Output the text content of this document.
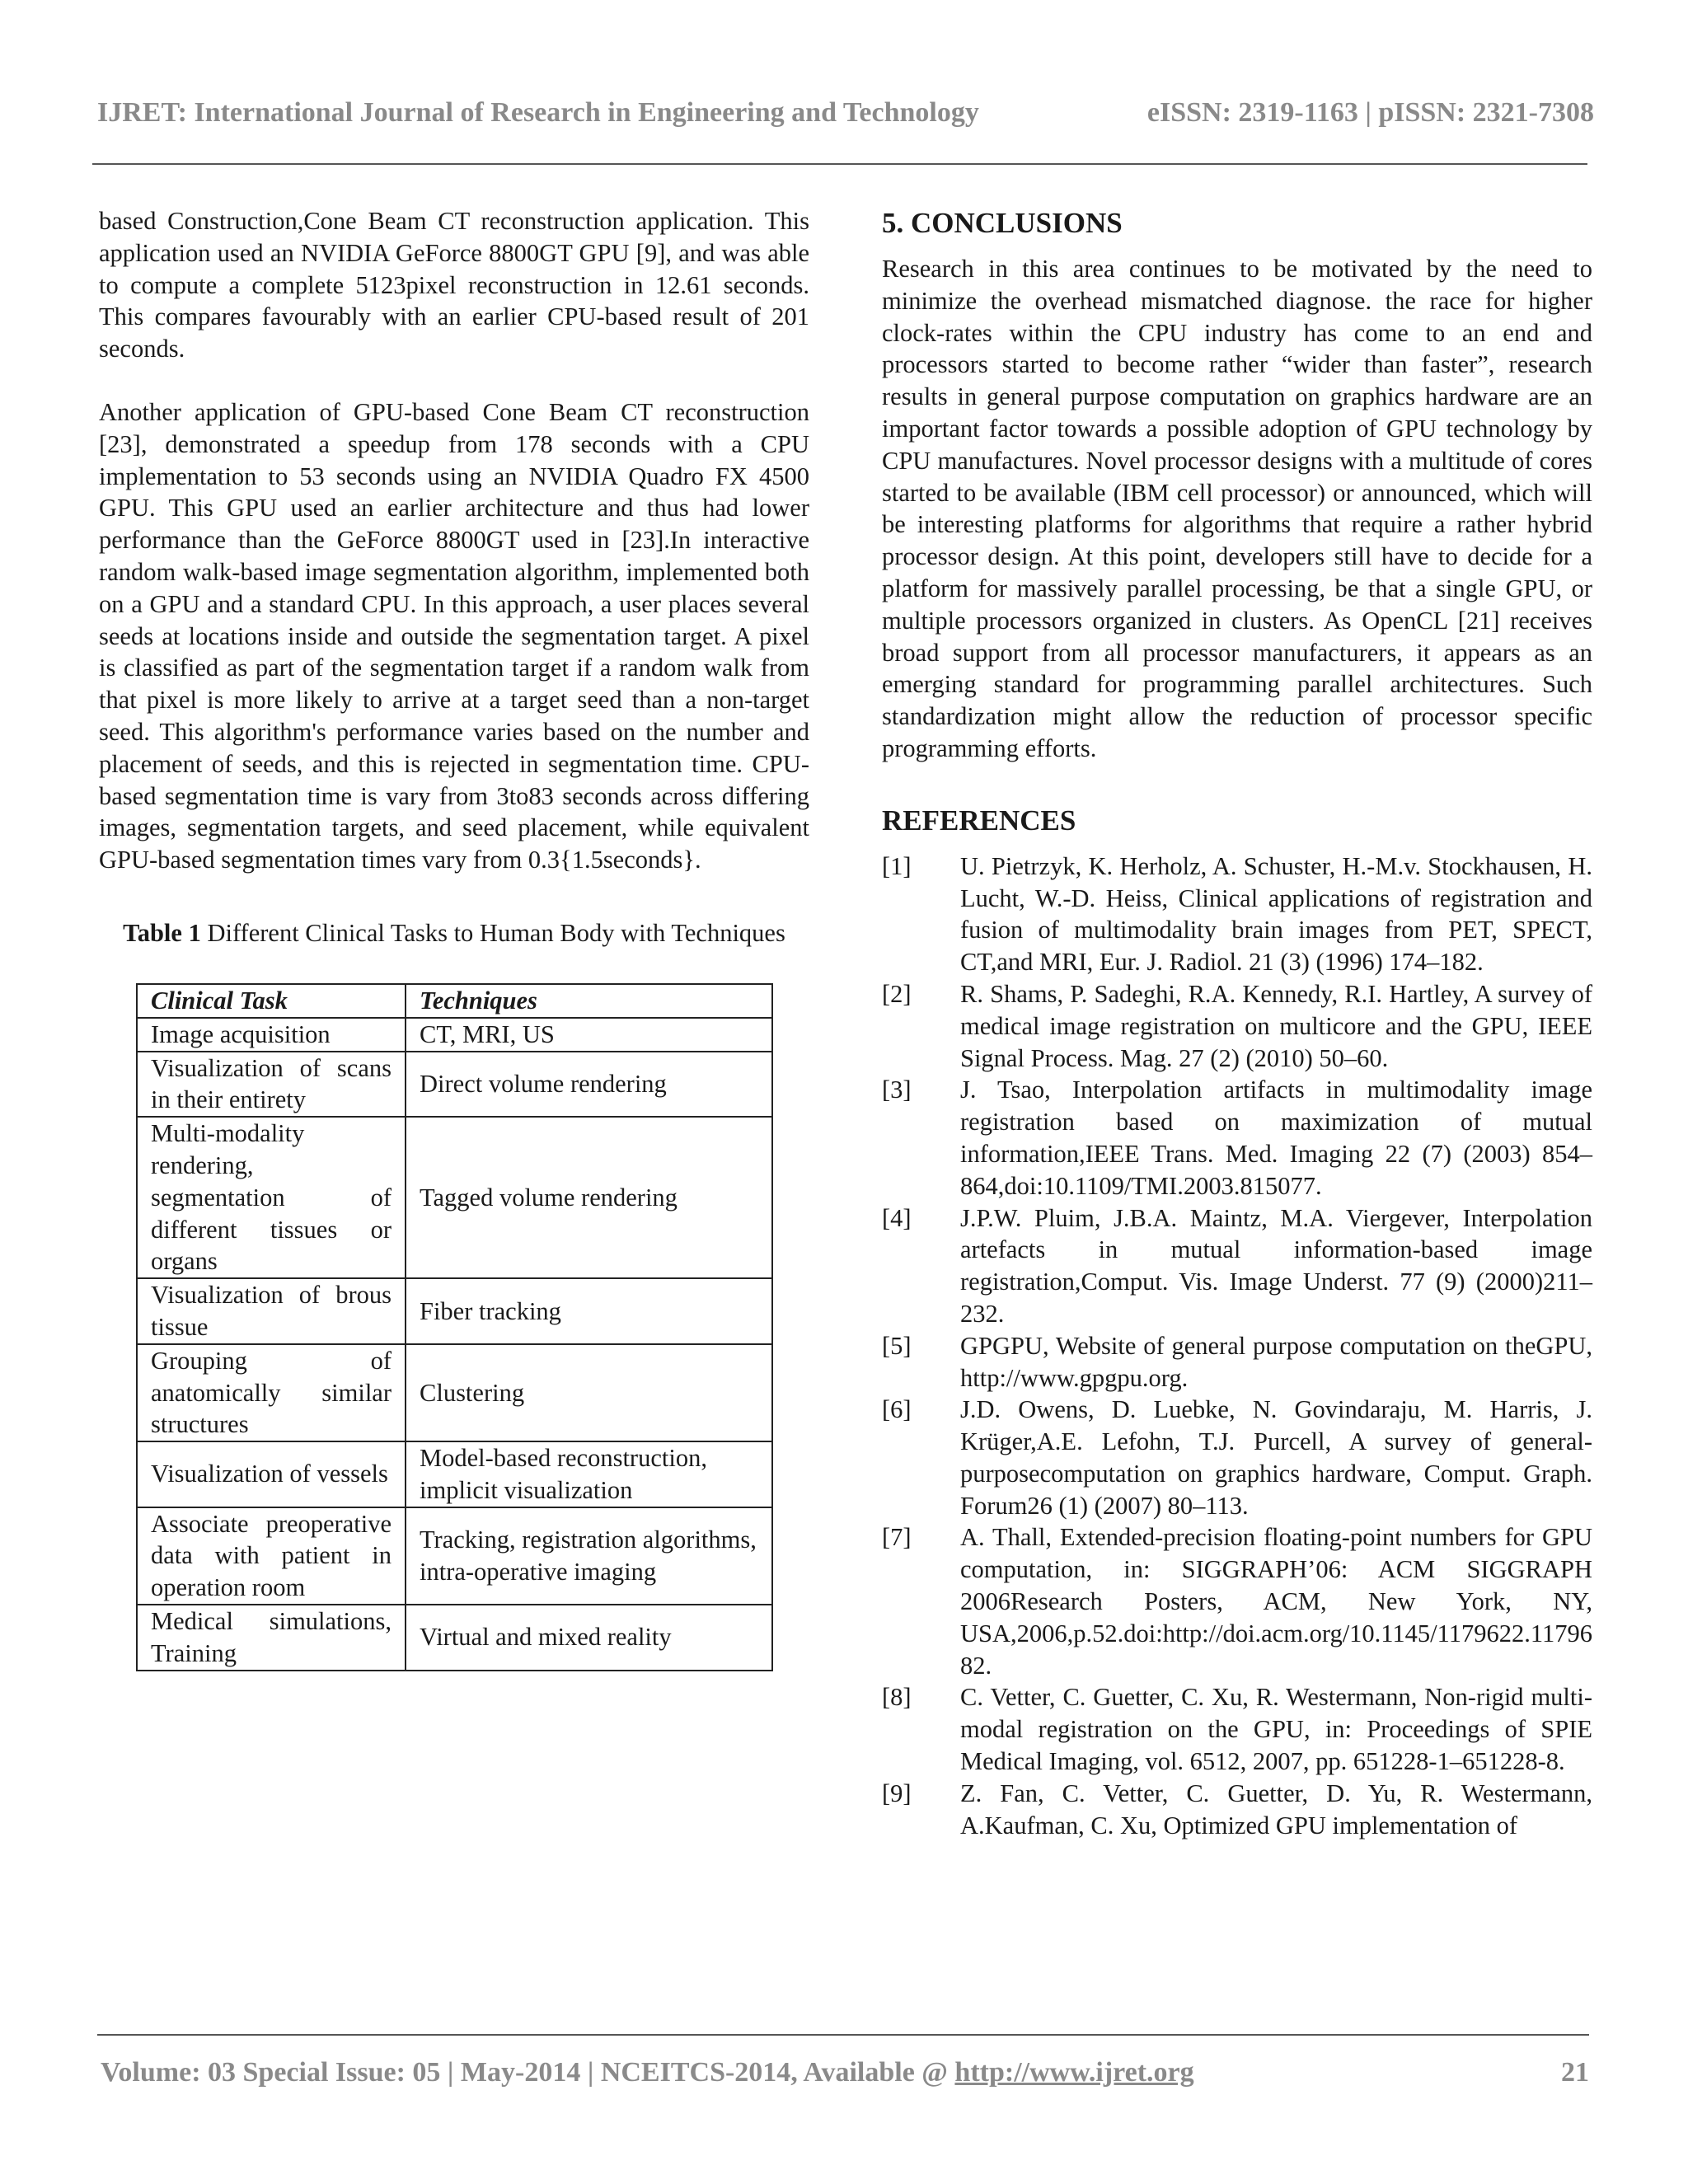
IJRET: International Journal of Research in Engineering and Technology	eISSN: 2319-1163 | pISSN: 2321-7308

based Construction,Cone Beam CT reconstruction application. This application used an NVIDIA GeForce 8800GT GPU [9], and was able to compute a complete 5123pixel reconstruction in 12.61 seconds. This compares favourably with an earlier CPU-based result of 201 seconds.

Another application of GPU-based Cone Beam CT reconstruction [23], demonstrated a speedup from 178 seconds with a CPU implementation to 53 seconds using an NVIDIA Quadro FX 4500 GPU. This GPU used an earlier architecture and thus had lower performance than the GeForce 8800GT used in [23].In interactive random walk-based image segmentation algorithm, implemented both on a GPU and a standard CPU. In this approach, a user places several seeds at locations inside and outside the segmentation target. A pixel is classified as part of the segmentation target if a random walk from that pixel is more likely to arrive at a target seed than a non-target seed. This algorithm's performance varies based on the number and placement of seeds, and this is rejected in segmentation time. CPU-based segmentation time is vary from 3to83 seconds across differing images, segmentation targets, and seed placement, while equivalent GPU-based segmentation times vary from 0.3{1.5seconds}.

Table 1 Different Clinical Tasks to Human Body with Techniques
Clinical Task	Techniques
Image acquisition	CT, MRI, US
Visualization of scans in their entirety	Direct volume rendering
Multi-modality rendering, segmentation of different tissues or organs	Tagged volume rendering
Visualization of brous tissue	Fiber tracking
Grouping of anatomically similar structures	Clustering
Visualization of vessels	Model-based reconstruction, implicit visualization
Associate preoperative data with patient in operation room	Tracking, registration algorithms, intra-operative imaging
Medical simulations, Training	Virtual and mixed reality
5. CONCLUSIONS

Research in this area continues to be motivated by the need to minimize the overhead mismatched diagnose. the race for higher clock-rates within the CPU industry has come to an end and processors started to become rather “wider than faster”, research results in general purpose computation on graphics hardware are an important factor towards a possible adoption of GPU technology by CPU manufactures. Novel processor designs with a multitude of cores started to be available (IBM cell processor) or announced, which will be interesting platforms for algorithms that require a rather hybrid processor design. At this point, developers still have to decide for a platform for massively parallel processing, be that a single GPU, or multiple processors organized in clusters. As OpenCL [21] receives broad support from all processor manufacturers, it appears as an emerging standard for programming parallel architectures. Such standardization might allow the reduction of processor specific programming efforts.

REFERENCES
[1]	U. Pietrzyk, K. Herholz, A. Schuster, H.-M.v. Stockhausen, H. Lucht, W.-D. Heiss, Clinical applications of registration and fusion of multimodality brain images from PET, SPECT, CT,and MRI, Eur. J. Radiol. 21 (3) (1996) 174–182.
[2]	R. Shams, P. Sadeghi, R.A. Kennedy, R.I. Hartley, A survey of medical image registration on multicore and the GPU, IEEE Signal Process. Mag. 27 (2) (2010) 50–60.
[3]	J. Tsao, Interpolation artifacts in multimodality image registration based on maximization of mutual information,IEEE Trans. Med. Imaging 22 (7) (2003) 854–864,doi:10.1109/TMI.2003.815077.
[4]	J.P.W. Pluim, J.B.A. Maintz, M.A. Viergever, Interpolation artefacts in mutual information-based image registration,Comput. Vis. Image Underst. 77 (9) (2000)211–232.
[5]	GPGPU, Website of general purpose computation on theGPU, http://www.gpgpu.org.
[6]	J.D. Owens, D. Luebke, N. Govindaraju, M. Harris, J. Krüger,A.E. Lefohn, T.J. Purcell, A survey of general-purposecomputation on graphics hardware, Comput. Graph. Forum26 (1) (2007) 80–113.
[7]	A. Thall, Extended-precision floating-point numbers for GPU computation, in: SIGGRAPH’06: ACM SIGGRAPH 2006Research Posters, ACM, New York, NY, USA,2006,p.52.doi:http://doi.acm.org/10.1145/1179622.1179682.
[8]	C. Vetter, C. Guetter, C. Xu, R. Westermann, Non-rigid multi-modal registration on the GPU, in: Proceedings of SPIE Medical Imaging, vol. 6512, 2007, pp. 651228-1–651228-8.
[9]	Z. Fan, C. Vetter, C. Guetter, D. Yu, R. Westermann, A.Kaufman, C. Xu, Optimized GPU implementation of
Volume: 03 Special Issue: 05 | May-2014 | NCEITCS-2014, Available @ http://www.ijret.org	21
